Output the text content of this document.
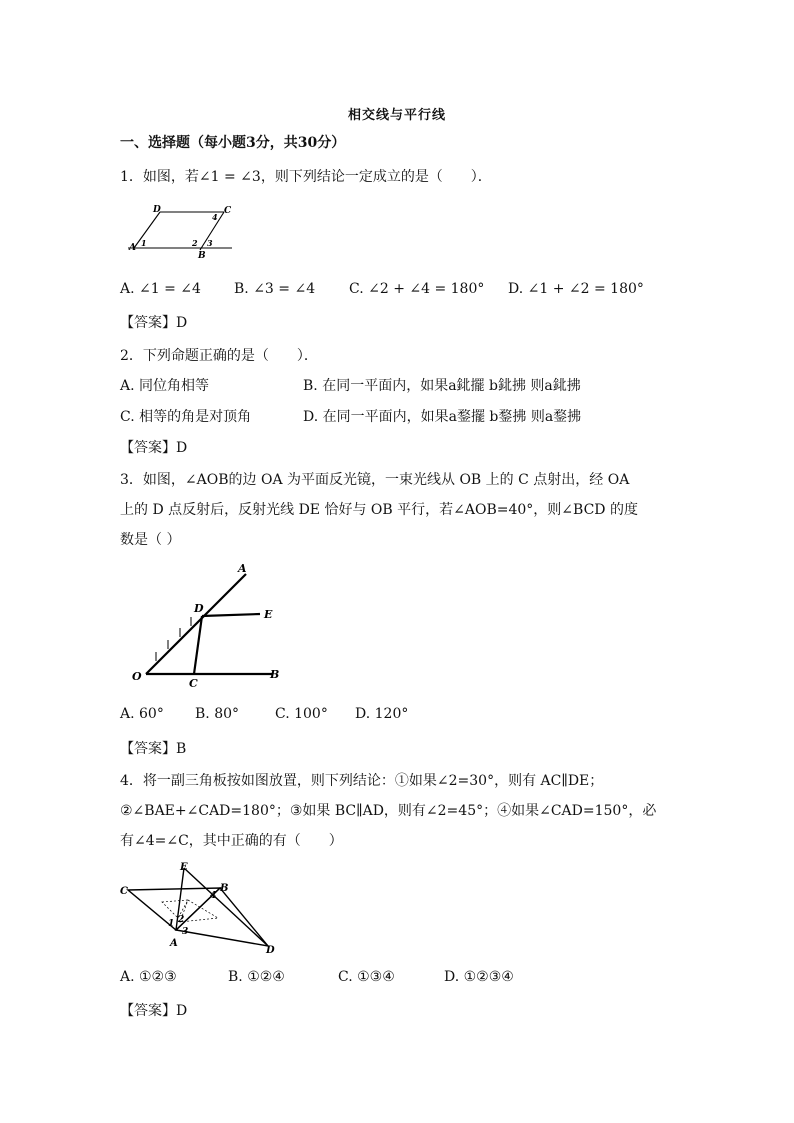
相交线与平行线
一、选择题（每小题3分，共30分）
1．如图，若∠1 = ∠3，则下列结论一定成立的是（　　）．
D	C
A
B
1	2 3
4
A. ∠1 = ∠4 B. ∠3 = ∠4 C. ∠2 + ∠4 = 180° D. ∠1 + ∠2 = 180°
【答案】D
2．下列命题正确的是（　　）．
A. 同位角相等	B. 在同一平面内，如果a鉳擺 b鉳拂 则a鉳拂
C. 相等的角是对顶角	D. 在同一平面内，如果a鍪擺 b鍪拂 则a鍪拂
【答案】D
3．如图，∠AOB的边 OA 为平面反光镜，一束光线从 OB 上的 C 点射出，经 OA
上的 D 点反射后，反射光线 DE 恰好与 OB 平行，若∠AOB=40°，则∠BCD 的度
数是（ ）
O
C
B
A
D	E
A. 60° B. 80°	C. 100° D. 120°
【答案】B
4．将一副三角板按如图放置，则下列结论：①如果∠2=30°，则有 AC∥DE；
②∠BAE+∠CAD=180°；③如果 BC∥AD，则有∠2=45°；④如果∠CAD=150°，必
有∠4=∠C，其中正确的有（　　）
C
E
B
A
D
1 2
3
4
A. ①②③	B. ①②④	C. ①③④	D. ①②③④
【答案】D
